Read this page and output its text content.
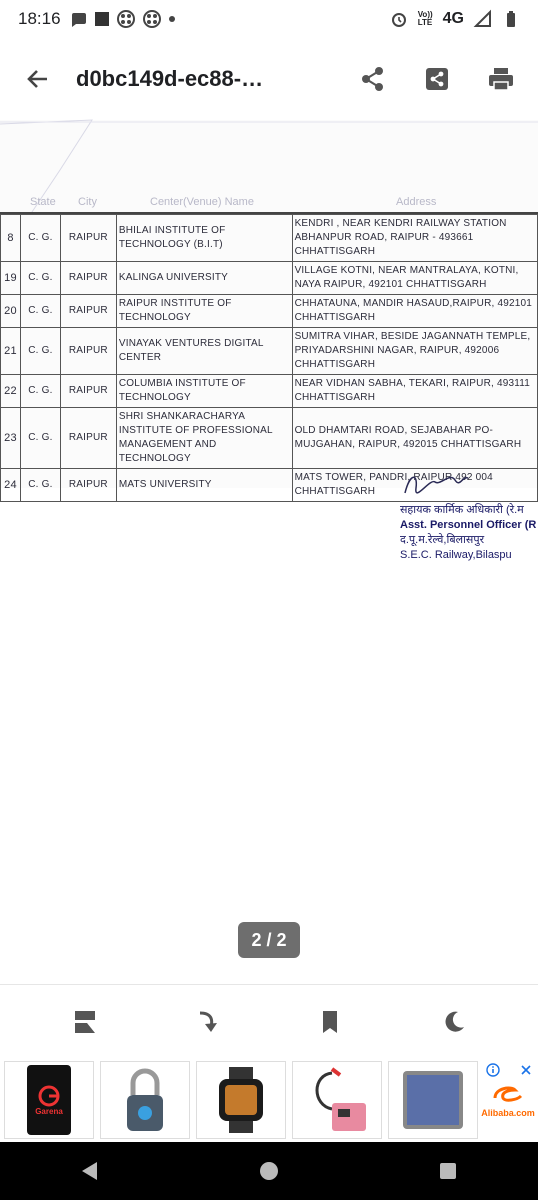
18:16	Vo))
LTE 4G
d0bc149d-ec88-…
State City	Center(Venue) Name	Address
8	C. G.	RAIPUR	BHILAI INSTITUTE OF TECHNOLOGY (B.I.T)	KENDRI , NEAR KENDRI RAILWAY STATION ABHANPUR ROAD, RAIPUR - 493661 CHHATTISGARH
19	C. G.	RAIPUR	KALINGA UNIVERSITY	VILLAGE KOTNI, NEAR MANTRALAYA, KOTNI, NAYA RAIPUR, 492101 CHHATTISGARH
20	C. G.	RAIPUR	RAIPUR INSTITUTE OF TECHNOLOGY	CHHATAUNA, MANDIR HASAUD,RAIPUR, 492101 CHHATTISGARH
21	C. G.	RAIPUR	VINAYAK VENTURES DIGITAL CENTER	SUMITRA VIHAR, BESIDE JAGANNATH TEMPLE, PRIYADARSHINI NAGAR, RAIPUR, 492006 CHHATTISGARH
22	C. G.	RAIPUR	COLUMBIA INSTITUTE OF TECHNOLOGY	NEAR VIDHAN SABHA, TEKARI, RAIPUR, 493111 CHHATTISGARH
23	C. G.	RAIPUR	SHRI SHANKARACHARYA INSTITUTE OF PROFESSIONAL MANAGEMENT AND TECHNOLOGY	OLD DHAMTARI ROAD, SEJABAHAR PO- MUJGAHAN, RAIPUR, 492015 CHHATTISGARH
24	C. G.	RAIPUR	MATS UNIVERSITY	MATS TOWER, PANDRI, RAIPUR 492 004 CHHATTISGARH
सहायक कार्मिक अधिकारी (रे.म
Asst. Personnel Officer (R
द.पू.म.रेल्वे,बिलासपुर
S.E.C. Railway,Bilaspu
2 / 2
Garena	Alibaba.com
